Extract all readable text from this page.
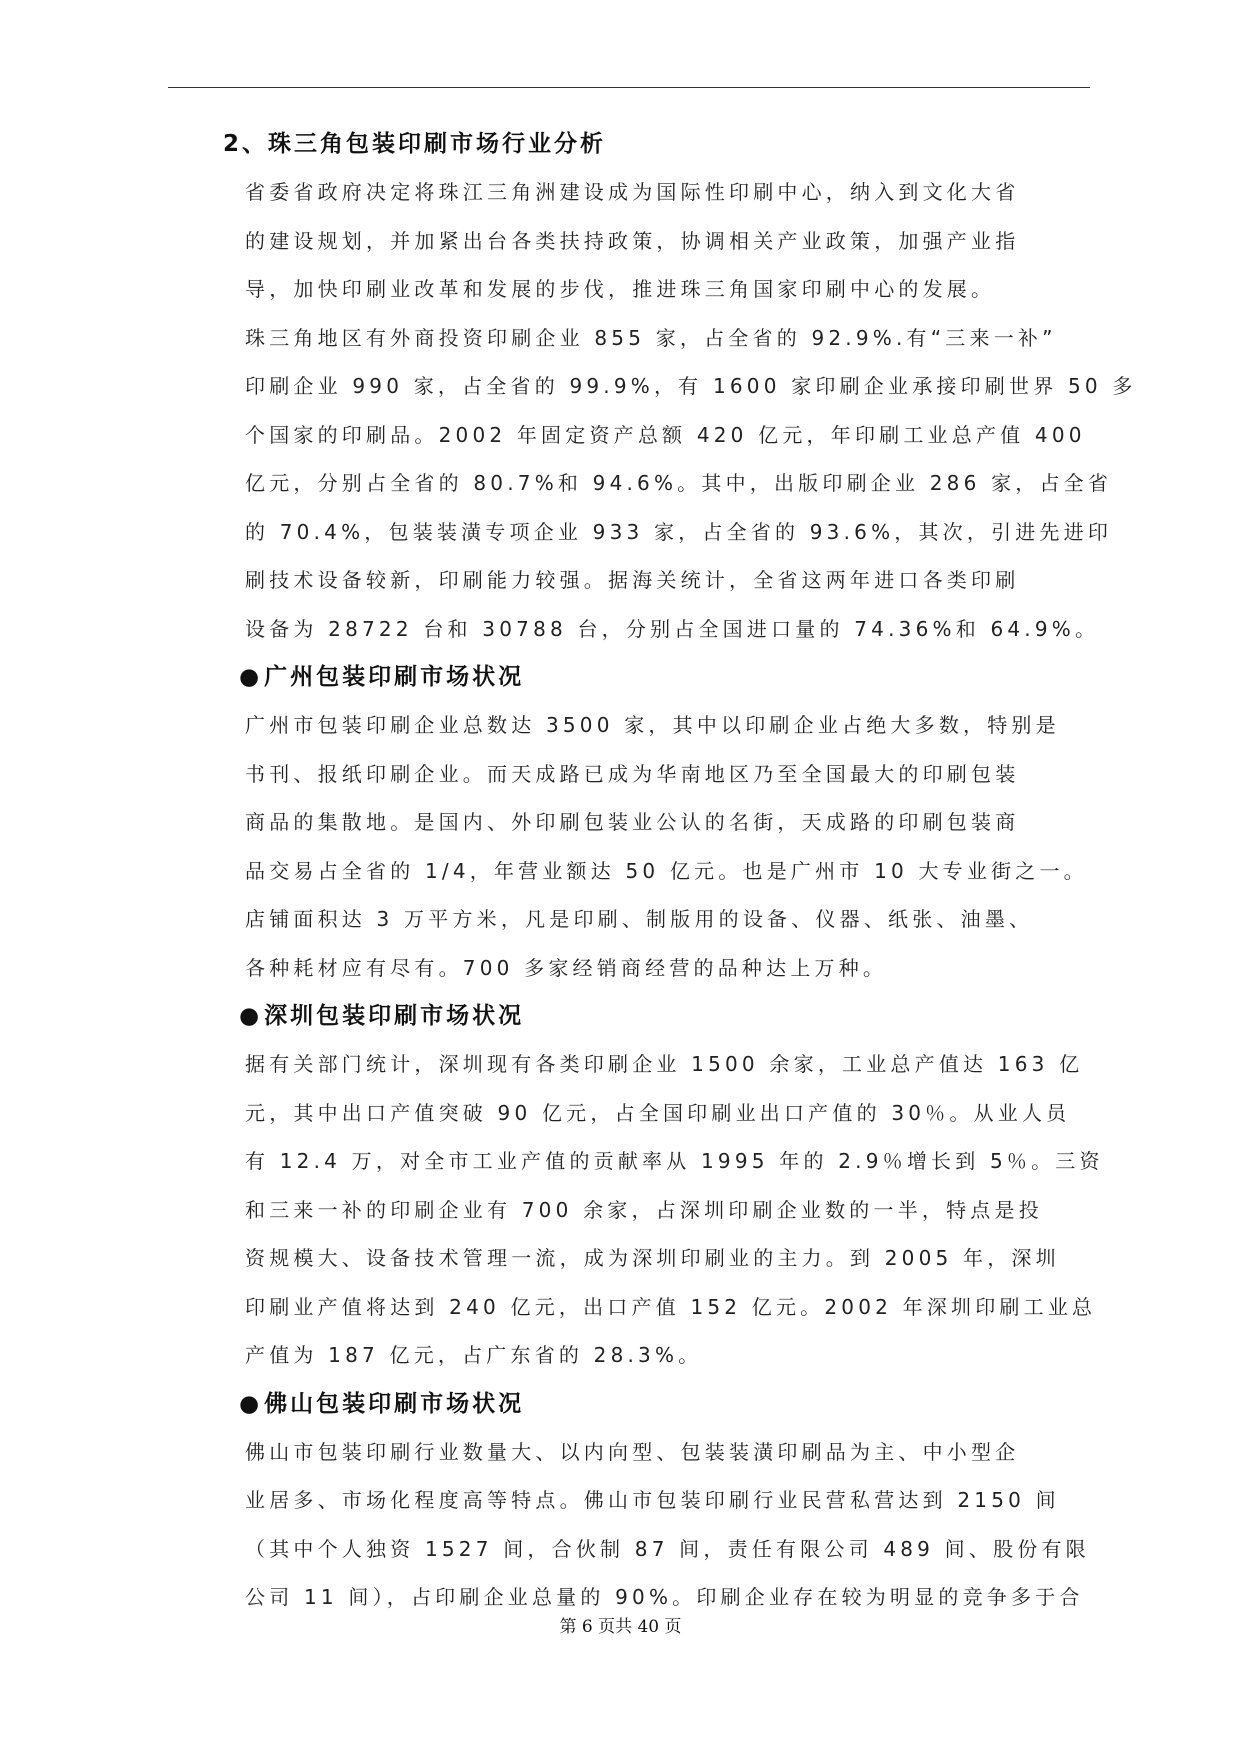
2、珠三角包装印刷市场行业分析

省委省政府决定将珠江三角洲建设成为国际性印刷中心，纳入到文化大省
的建设规划，并加紧出台各类扶持政策，协调相关产业政策，加强产业指
导，加快印刷业改革和发展的步伐，推进珠三角国家印刷中心的发展。

珠三角地区有外商投资印刷企业 855 家，占全省的 92.9%.有“三来一补”
印刷企业 990 家，占全省的 99.9%，有 1600 家印刷企业承接印刷世界 50 多
个国家的印刷品。2002 年固定资产总额 420 亿元，年印刷工业总产值 400
亿元，分别占全省的 80.7%和 94.6%。其中，出版印刷企业 286 家，占全省
的 70.4%，包装装潢专项企业 933 家，占全省的 93.6%，其次，引进先进印
刷技术设备较新，印刷能力较强。据海关统计，全省这两年进口各类印刷
设备为 28722 台和 30788 台，分别占全国进口量的 74.36%和 64.9%。

●广州包装印刷市场状况

广州市包装印刷企业总数达 3500 家，其中以印刷企业占绝大多数，特别是
书刊、报纸印刷企业。而天成路已成为华南地区乃至全国最大的印刷包装
商品的集散地。是国内、外印刷包装业公认的名街，天成路的印刷包装商
品交易占全省的 1/4，年营业额达 50 亿元。也是广州市 10 大专业街之一。
店铺面积达 3 万平方米，凡是印刷、制版用的设备、仪器、纸张、油墨、
各种耗材应有尽有。700 多家经销商经营的品种达上万种。

●深圳包装印刷市场状况

据有关部门统计，深圳现有各类印刷企业 1500 余家，工业总产值达 163 亿
元，其中出口产值突破 90 亿元，占全国印刷业出口产值的 30％。从业人员
有 12.4 万，对全市工业产值的贡献率从 1995 年的 2.9％增长到 5％。三资
和三来一补的印刷企业有 700 余家，占深圳印刷企业数的一半，特点是投
资规模大、设备技术管理一流，成为深圳印刷业的主力。到 2005 年，深圳
印刷业产值将达到 240 亿元，出口产值 152 亿元。2002 年深圳印刷工业总
产值为 187 亿元，占广东省的 28.3%。

●佛山包装印刷市场状况

佛山市包装印刷行业数量大、以内向型、包装装潢印刷品为主、中小型企
业居多、市场化程度高等特点。佛山市包装印刷行业民营私营达到 2150 间
（其中个人独资 1527 间，合伙制 87 间，责任有限公司 489 间、股份有限
公司 11 间），占印刷企业总量的 90%。印刷企业存在较为明显的竞争多于合

第 6 页共 40 页
